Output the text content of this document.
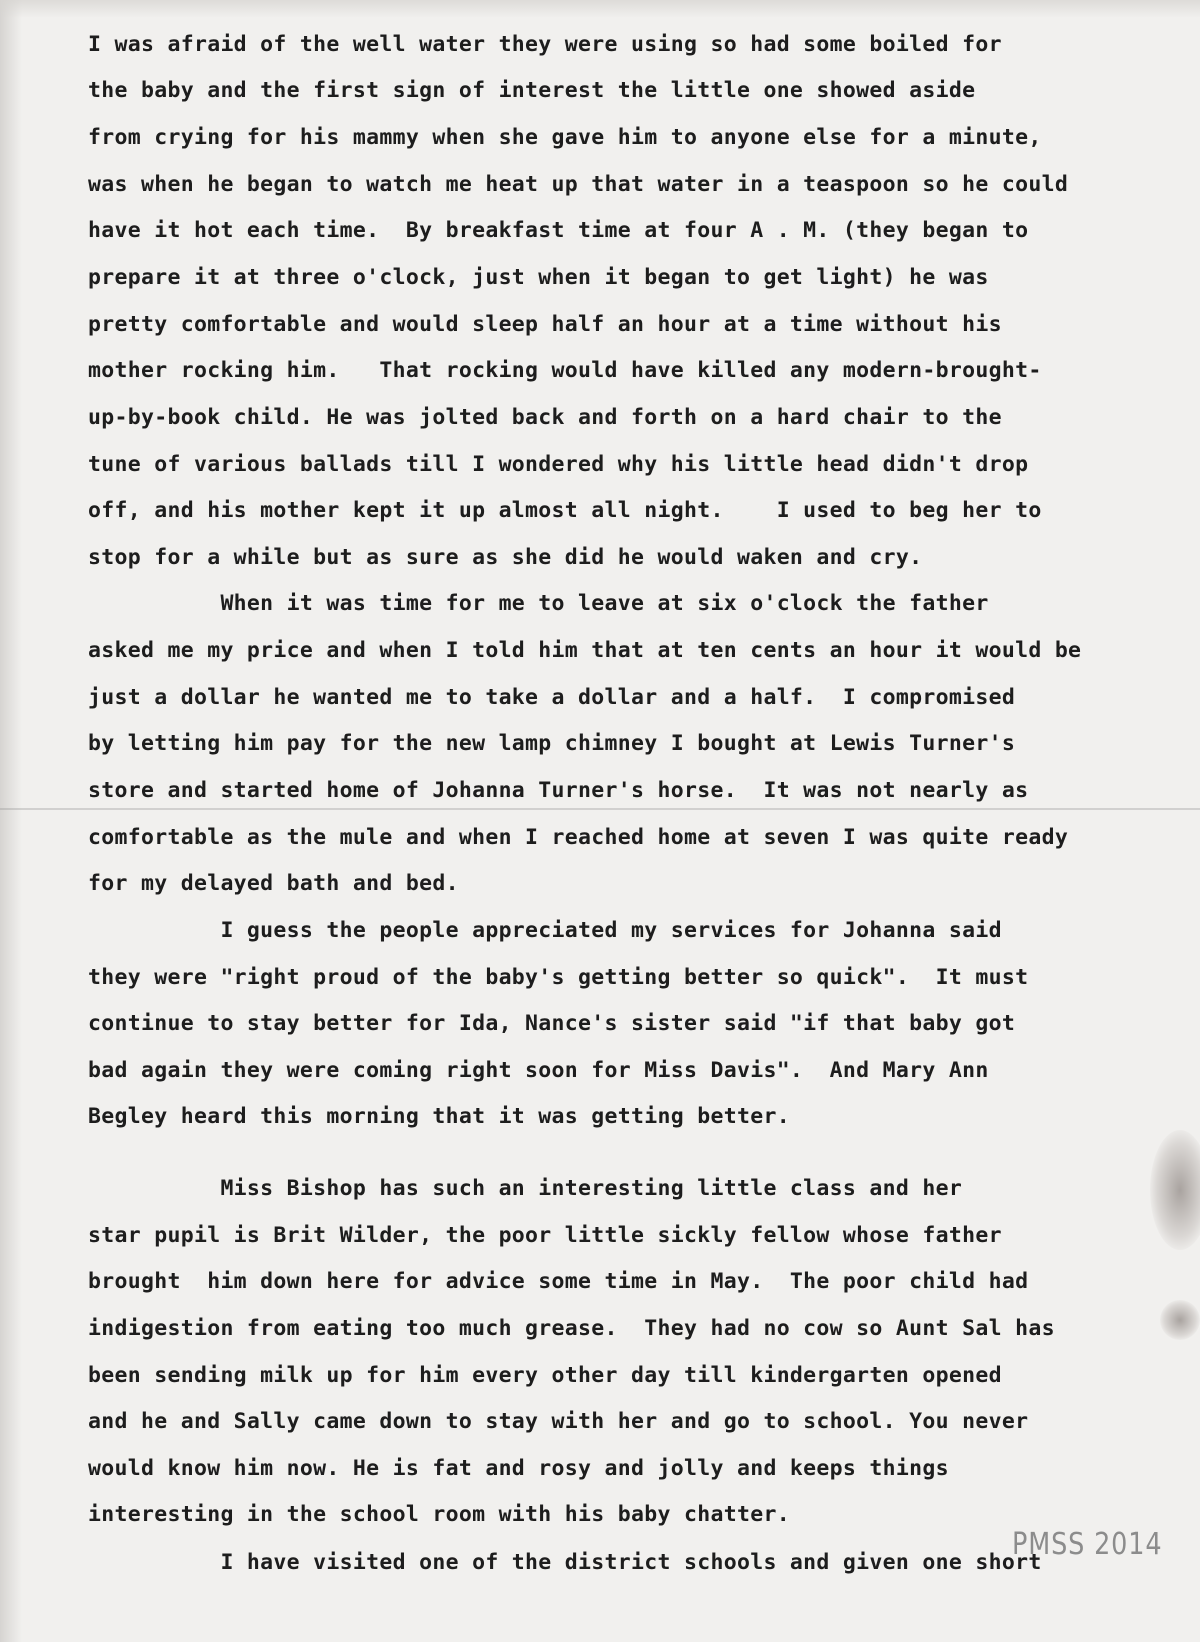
I was afraid of the well water they were using so had some boiled for
the baby and the first sign of interest the little one showed aside
from crying for his mammy when she gave him to anyone else for a minute,
was when he began to watch me heat up that water in a teaspoon so he could
have it hot each time.  By breakfast time at four A . M. (they began to
prepare it at three o'clock, just when it began to get light) he was
pretty comfortable and would sleep half an hour at a time without his
mother rocking him.   That rocking would have killed any modern-brought-
up-by-book child. He was jolted back and forth on a hard chair to the
tune of various ballads till I wondered why his little head didn't drop
off, and his mother kept it up almost all night.    I used to beg her to
stop for a while but as sure as she did he would waken and cry.
When it was time for me to leave at six o'clock the father
asked me my price and when I told him that at ten cents an hour it would be
just a dollar he wanted me to take a dollar and a half.  I compromised
by letting him pay for the new lamp chimney I bought at Lewis Turner's
store and started home of Johanna Turner's horse.  It was not nearly as
comfortable as the mule and when I reached home at seven I was quite ready
for my delayed bath and bed.
I guess the people appreciated my services for Johanna said
they were "right proud of the baby's getting better so quick".  It must
continue to stay better for Ida, Nance's sister said "if that baby got
bad again they were coming right soon for Miss Davis".  And Mary Ann
Begley heard this morning that it was getting better.
Miss Bishop has such an interesting little class and her
star pupil is Brit Wilder, the poor little sickly fellow whose father
brought  him down here for advice some time in May.  The poor child had
indigestion from eating too much grease.  They had no cow so Aunt Sal has
been sending milk up for him every other day till kindergarten opened
and he and Sally came down to stay with her and go to school. You never
would know him now. He is fat and rosy and jolly and keeps things
interesting in the school room with his baby chatter.
I have visited one of the district schools and given one short
PMSS 2014
